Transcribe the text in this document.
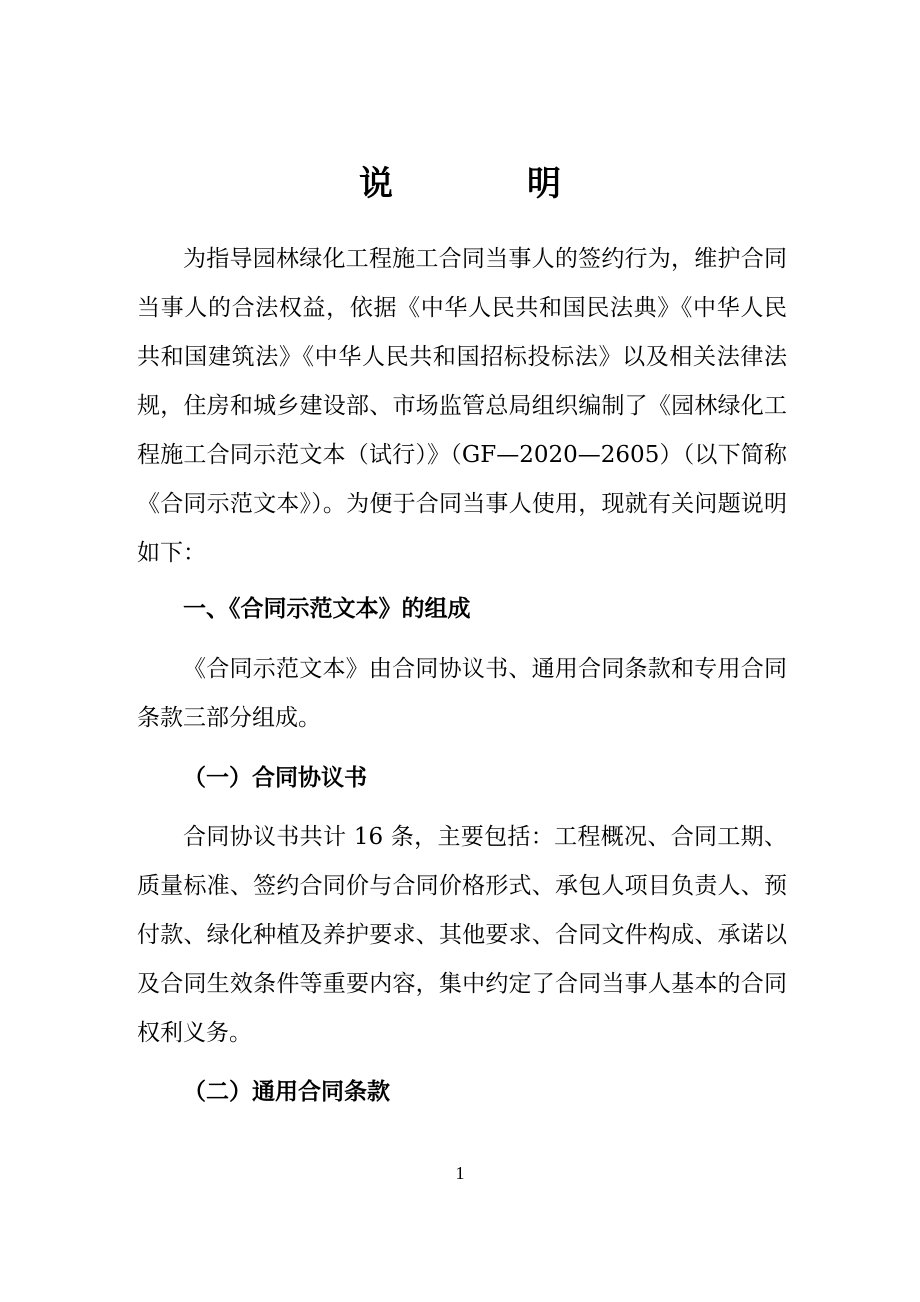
说　明

为指导园林绿化工程施工合同当事人的签约行为，维护合同当事人的合法权益，依据《中华人民共和国民法典》《中华人民共和国建筑法》《中华人民共和国招标投标法》以及相关法律法规，住房和城乡建设部、市场监管总局组织编制了《园林绿化工程施工合同示范文本（试行）》（GF—2020—2605）（以下简称《合同示范文本》）。为便于合同当事人使用，现就有关问题说明如下：

一、《合同示范文本》的组成

《合同示范文本》由合同协议书、通用合同条款和专用合同条款三部分组成。

（一）合同协议书

合同协议书共计 16 条，主要包括：工程概况、合同工期、质量标准、签约合同价与合同价格形式、承包人项目负责人、预付款、绿化种植及养护要求、其他要求、合同文件构成、承诺以及合同生效条件等重要内容，集中约定了合同当事人基本的合同权利义务。

（二）通用合同条款
1
